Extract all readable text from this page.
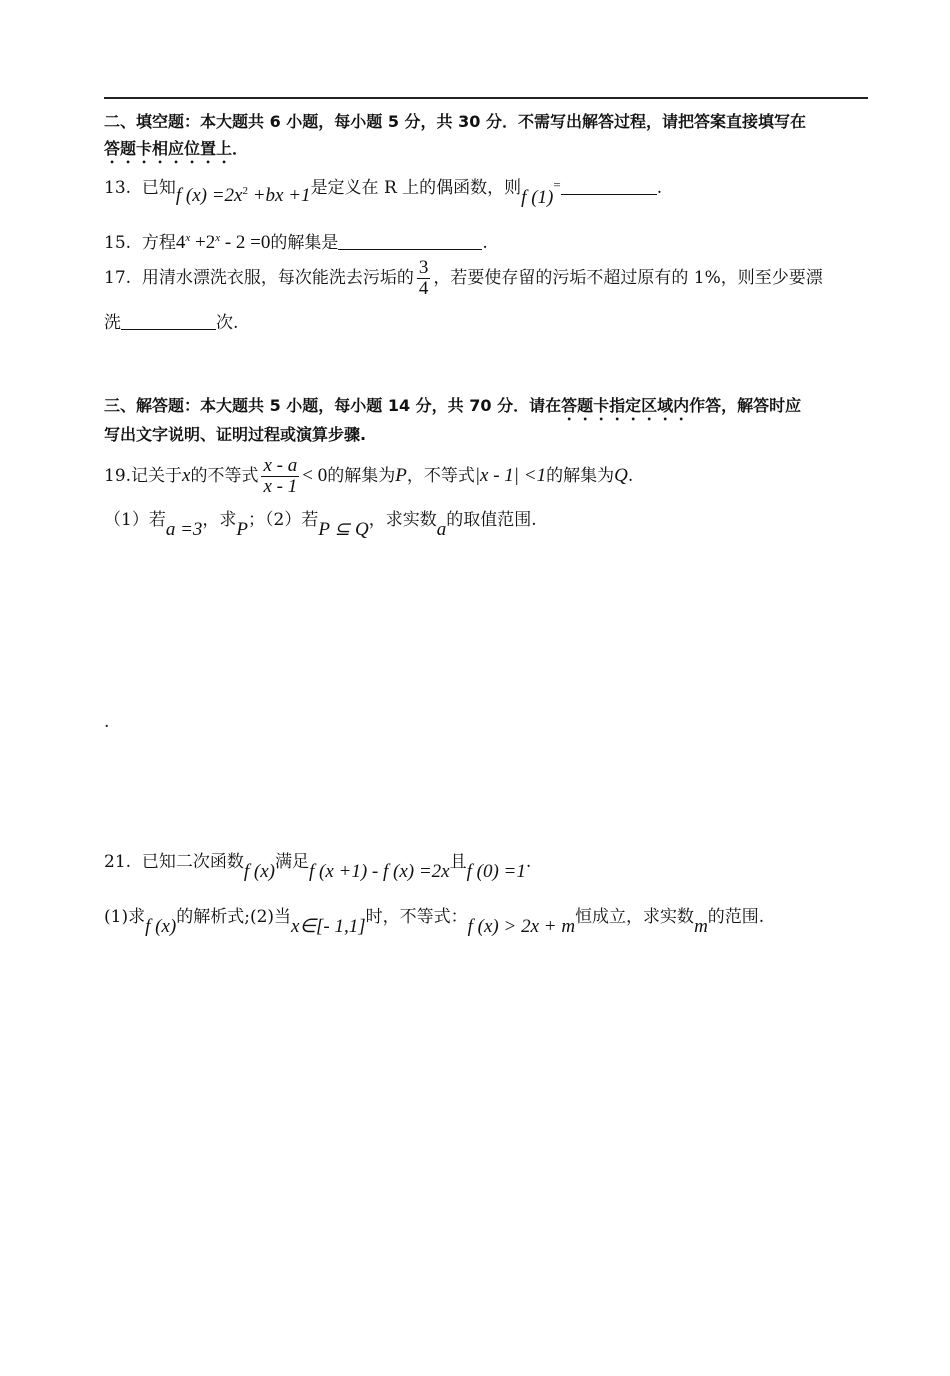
二、填空题：本大题共 6 小题，每小题 5 分，共 30 分．不需写出解答过程，请把答案直接填写在
答题卡相应位置上．
13. 已知f $(x) =2x^2 +bx +1$是定义在 R 上的偶函数，则f (1)=	.
15. 方程$4^x +2^x - 2 =0$的解集是	.
17. 用清水漂洗衣服，每次能洗去污垢的 $\frac{3}{4}$ ，若要使存留的污垢不超过原有的 1%，则至少要漂
洗	次.
三、解答题：本大题共 5 小题，每小题 14 分，共 70 分．请在答题卡指定区域内作答，解答时应
写出文字说明、证明过程或演算步骤.
19.记关于x的不等式 $\frac{x - a}{x - 1} < 0$的解集为P，不等式|x - 1| <1的解集为Q.
（1）若a =3，求P；（2）若P ⊆ Q，求实数a的取值范围.
.
21. 已知二次函数f (x)满足f (x +1) - f (x) =2x且f (0) =1.
(1)求f (x)的解析式;(2)当x∈[- 1,1]时，不等式：f (x) > 2x + m恒成立，求实数m的范围.
